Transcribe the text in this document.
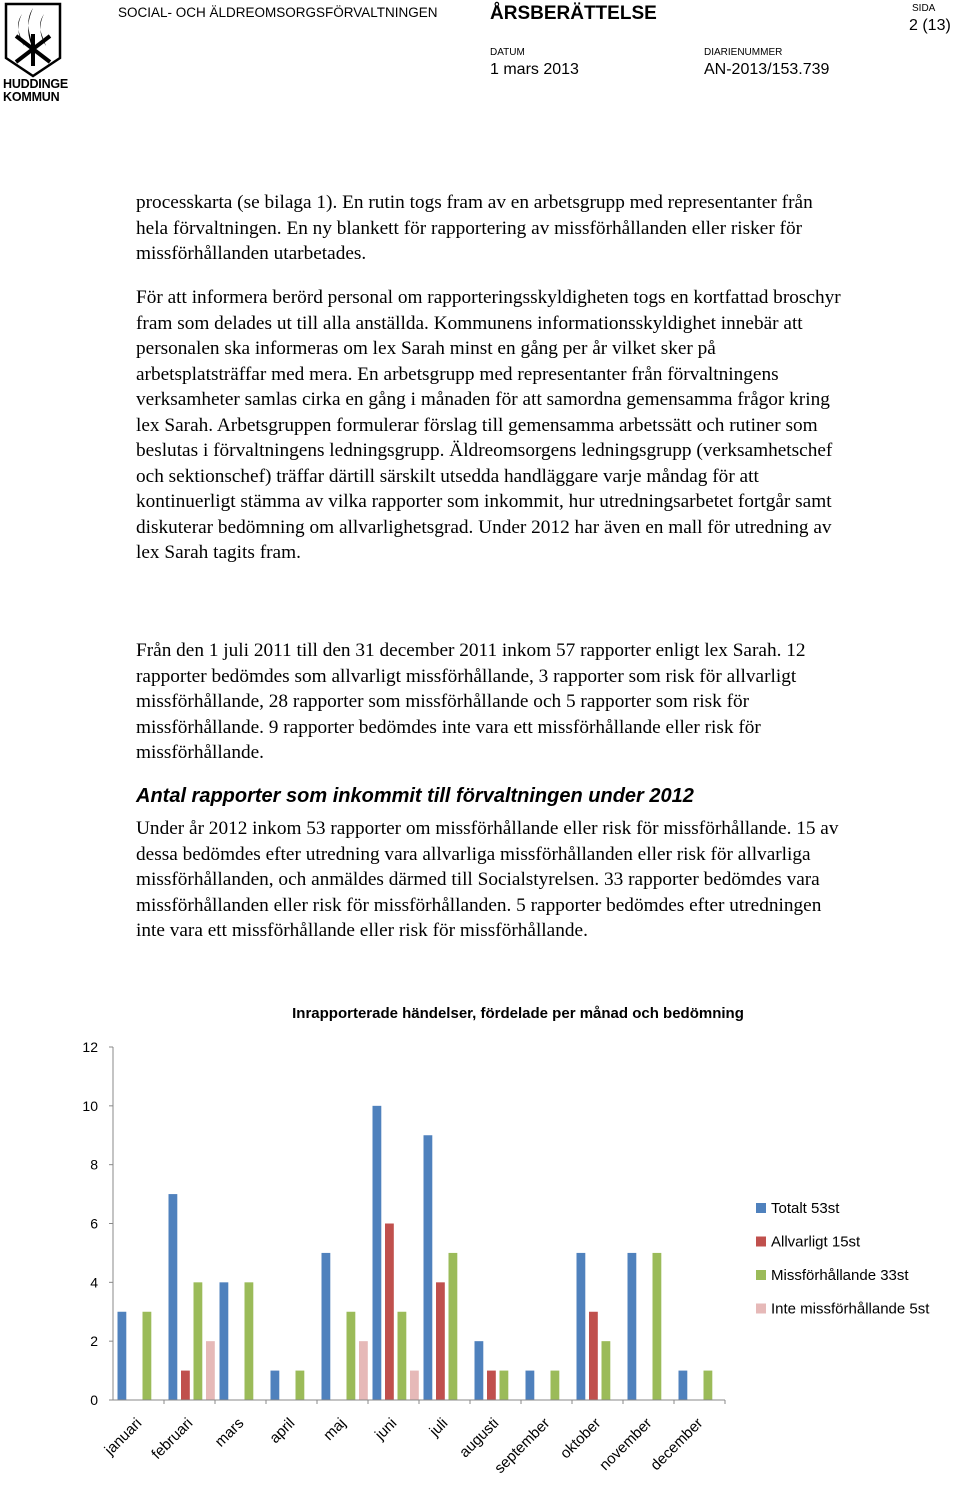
HUDDINGE
KOMMUN
SOCIAL- OCH ÄLDREOMSORGSFÖRVALTNINGEN	ÅRSBERÄTTELSE	SIDA
2 (13)
DATUM
1 mars 2013
DIARIENUMMER
AN-2013/153.739

processkarta (se bilaga 1). En rutin togs fram av en arbetsgrupp med representanter från hela förvaltningen. En ny blankett för rapportering av missförhållanden eller risker för missförhållanden utarbetades.

För att informera berörd personal om rapporteringsskyldigheten togs en kortfattad broschyr fram som delades ut till alla anställda. Kommunens informationsskyldighet innebär att personalen ska informeras om lex Sarah minst en gång per år vilket sker på arbetsplatsträffar med mera. En arbetsgrupp med representanter från förvaltningens verksamheter samlas cirka en gång i månaden för att samordna gemensamma frågor kring lex Sarah. Arbetsgruppen formulerar förslag till gemensamma arbetssätt och rutiner som beslutas i förvaltningens ledningsgrupp. Äldreomsorgens ledningsgrupp (verksamhetschef och sektionschef) träffar därtill särskilt utsedda handläggare varje måndag för att kontinuerligt stämma av vilka rapporter som inkommit, hur utredningsarbetet fortgår samt diskuterar bedömning om allvarlighetsgrad. Under 2012 har även en mall för utredning av lex Sarah tagits fram.

Från den 1 juli 2011 till den 31 december 2011 inkom 57 rapporter enligt lex Sarah. 12 rapporter bedömdes som allvarligt missförhållande, 3 rapporter som risk för allvarligt missförhållande, 28 rapporter som missförhållande och 5 rapporter som risk för missförhållande. 9 rapporter bedömdes inte vara ett missförhållande eller risk för missförhållande.

Antal rapporter som inkommit till förvaltningen under 2012

Under år 2012 inkom 53 rapporter om missförhållande eller risk för missförhållande. 15 av dessa bedömdes efter utredning vara allvarliga missförhållanden eller risk för allvarliga missförhållanden, och anmäldes därmed till Socialstyrelsen. 33 rapporter bedömdes vara missförhållanden eller risk för missförhållanden. 5 rapporter bedömdes efter utredningen inte vara ett missförhållande eller risk för missförhållande.

Inrapporterade händelser, fördelade per månad och bedömning
0
2
4
6
8
10
12
januari februari mars april maj juni juli augusti
september oktober
november
december
Totalt 53st
Allvarligt 15st
Missförhållande 33st
Inte missförhållande 5st
